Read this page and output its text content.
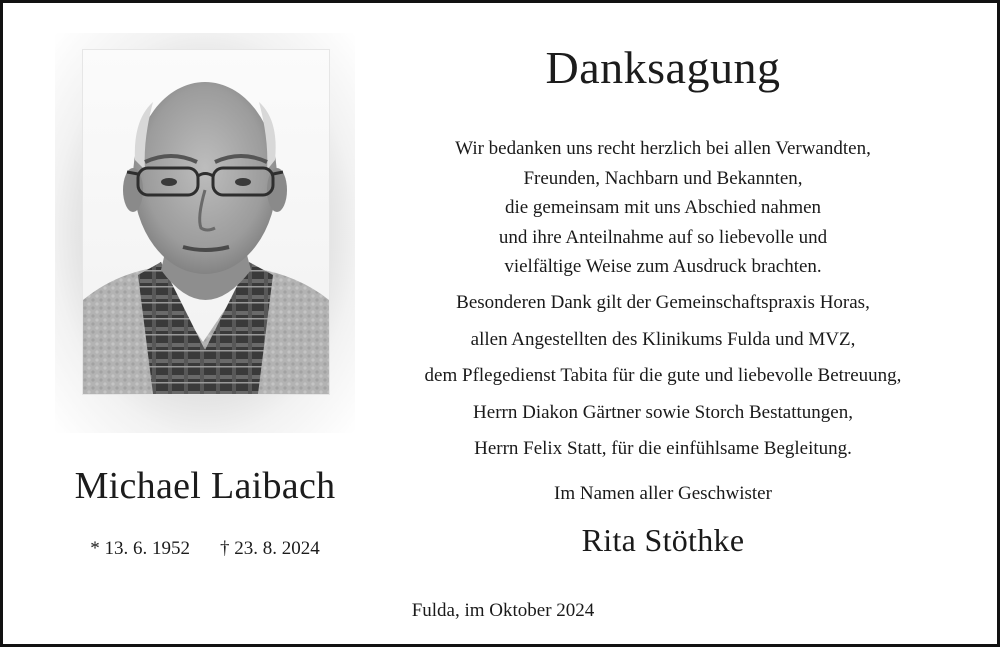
Michael Laibach
* 13. 6. 1952 † 23. 8. 2024
Danksagung
Wir bedanken uns recht herzlich bei allen Verwandten,
Freunden, Nachbarn und Bekannten,
die gemeinsam mit uns Abschied nahmen
und ihre Anteilnahme auf so liebevolle und
vielfältige Weise zum Ausdruck brachten.
Besonderen Dank gilt der Gemeinschaftspraxis Horas,
allen Angestellten des Klinikums Fulda und MVZ,
dem Pflegedienst Tabita für die gute und liebevolle Betreuung,
Herrn Diakon Gärtner sowie Storch Bestattungen,
Herrn Felix Statt, für die einfühlsame Begleitung.
Im Namen aller Geschwister
Rita Stöthke
Fulda, im Oktober 2024
